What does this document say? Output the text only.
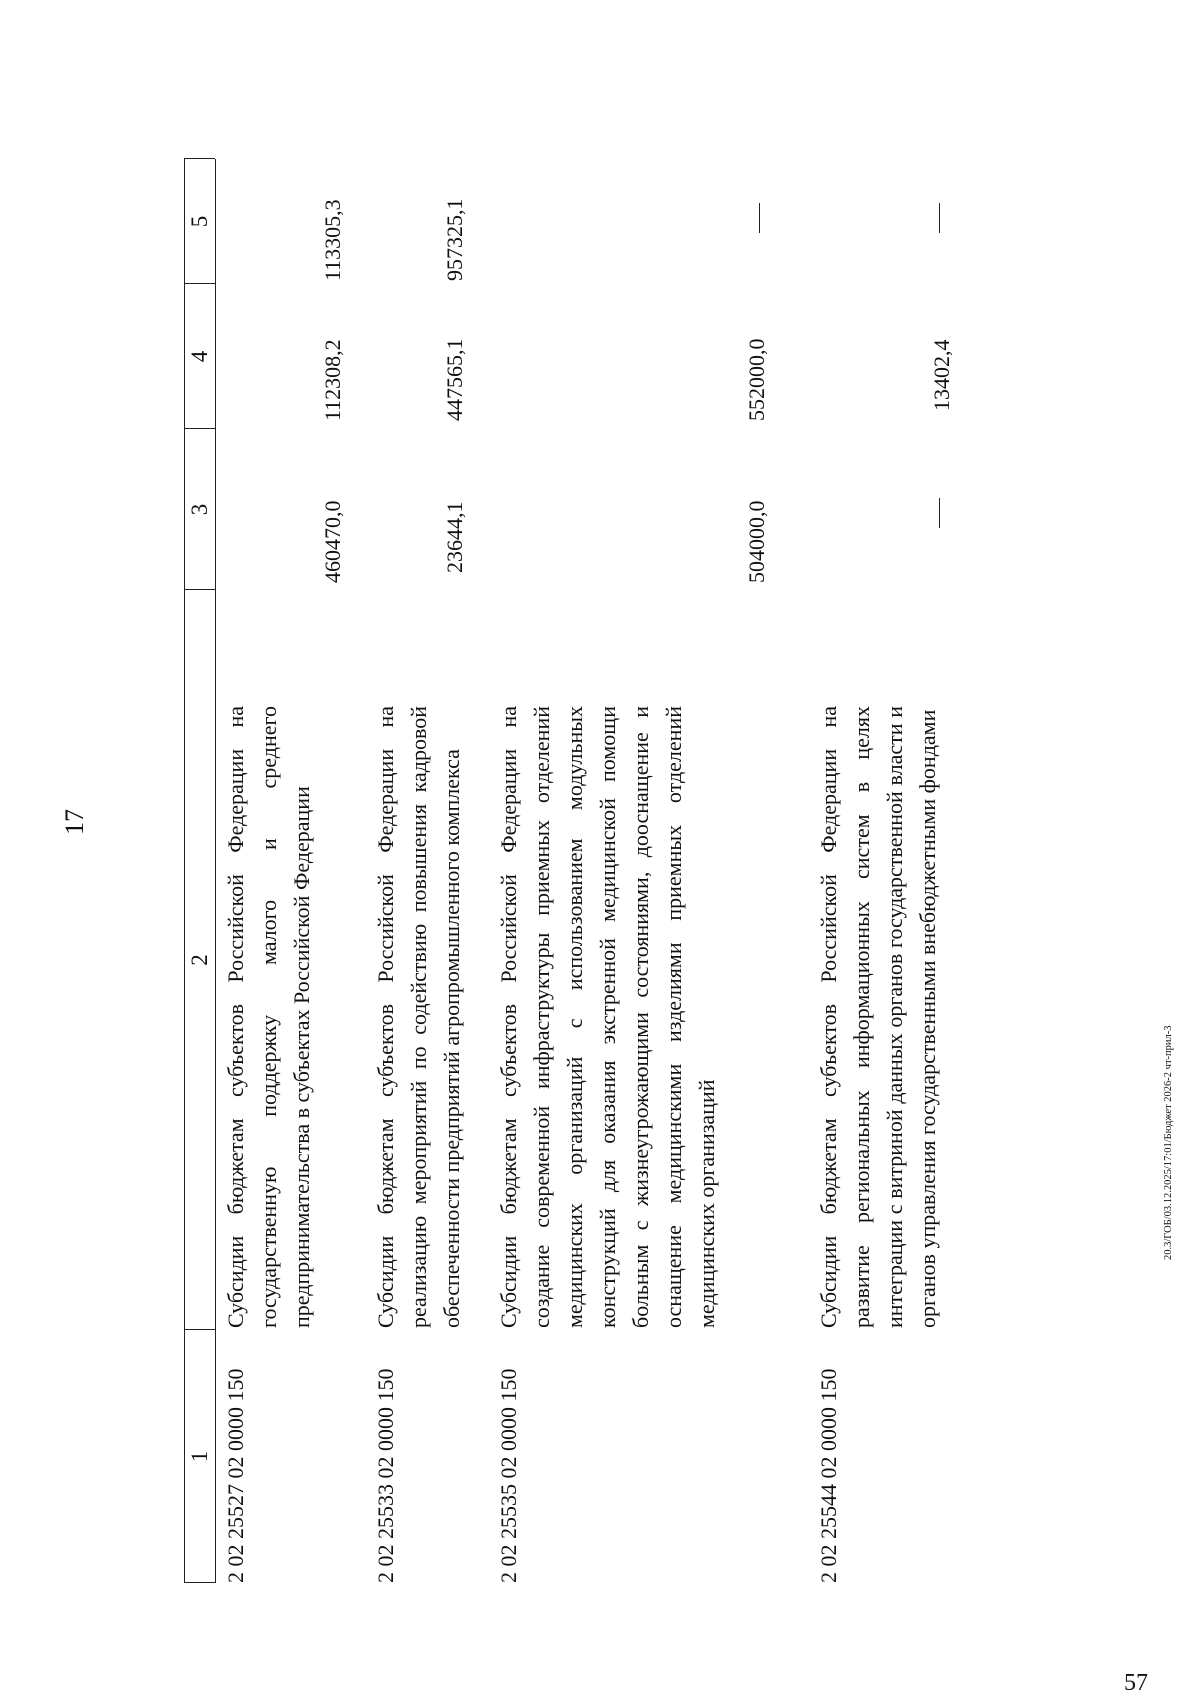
17
1
2
3
4
5
2 02 25527 02 0000 150
Субсидии бюджетам субъектов Российской Федерации на государственную поддержку малого и среднего предпринимательства в субъектах Российской Федерации
460470,0
112308,2
113305,3
2 02 25533 02 0000 150
Субсидии бюджетам субъектов Российской Федерации на реализацию мероприятий по содействию повышения кадровой обеспеченности предприятий агропромышленного комплекса
23644,1
447565,1
957325,1
2 02 25535 02 0000 150
Субсидии бюджетам субъектов Российской Федерации на создание современной инфраструктуры приемных отделений медицинских организаций с использованием модульных конструкций для оказания экстренной медицинской помощи больным с жизнеугрожающими состояниями, дооснащение и оснащение медицинскими изделиями приемных отделений медицинских организаций
504000,0
552000,0
2 02 25544 02 0000 150
Субсидии бюджетам субъектов Российской Федерации на развитие региональных информационных систем в целях интеграции с витриной данных органов государственной власти и органов управления государственными внебюджетными фондами
13402,4
20.3/ГОБ/03.12.2025/17:01/Бюджет 2026-2 чт-прил-3
57
